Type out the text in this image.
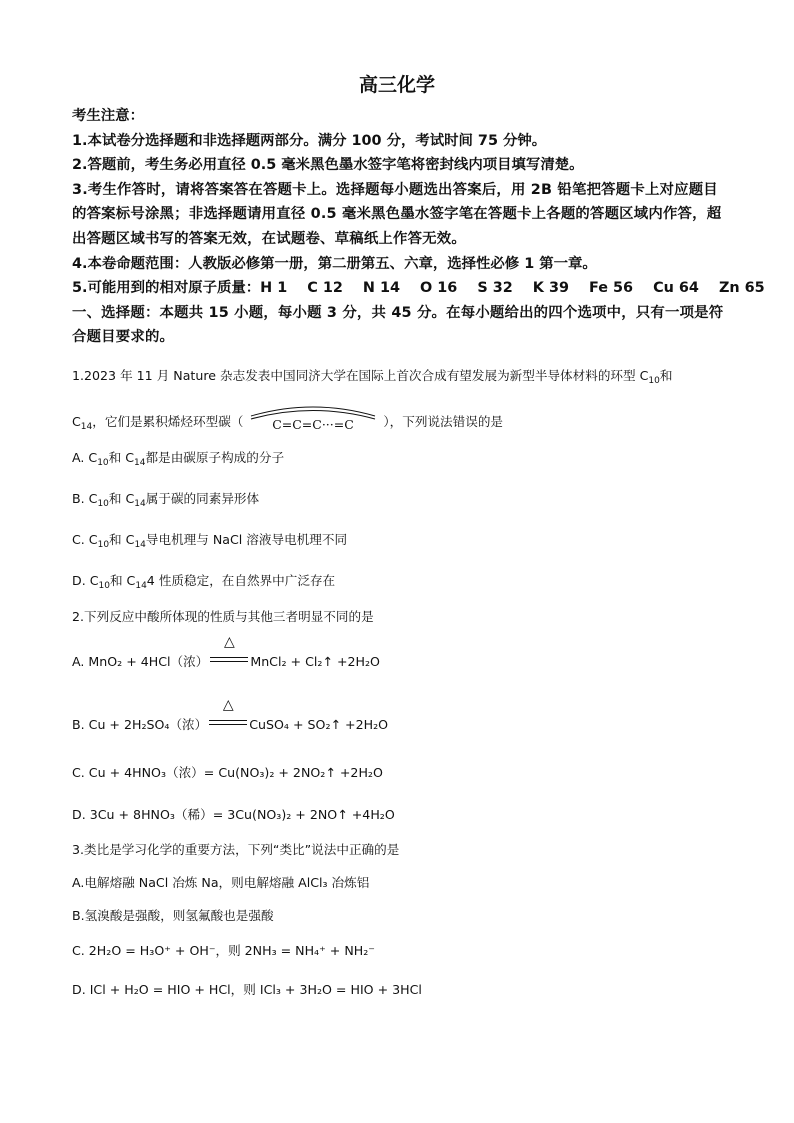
高三化学
考生注意：
1.本试卷分选择题和非选择题两部分。满分 100 分，考试时间 75 分钟。
2.答题前，考生务必用直径 0.5 毫米黑色墨水签字笔将密封线内项目填写清楚。
3.考生作答时，请将答案答在答题卡上。选择题每小题选出答案后，用 2B 铅笔把答题卡上对应题目的答案标号涂黑；非选择题请用直径 0.5 毫米黑色墨水签字笔在答题卡上各题的答题区域内作答，超出答题区域书写的答案无效，在试题卷、草稿纸上作答无效。
4.本卷命题范围：人教版必修第一册，第二册第五、六章，选择性必修 1 第一章。
5.可能用到的相对原子质量：H 1    C 12    N 14    O 16    S 32    K 39    Fe 56    Cu 64    Zn 65
一、选择题：本题共 15 小题，每小题 3 分，共 45 分。在每小题给出的四个选项中，只有一项是符合题目要求的。
1.2023 年 11 月 Nature 杂志发表中国同济大学在国际上首次合成有望发展为新型半导体材料的环型 $C_{10}$和
$C_{14}$，它们是累积烯烃环型碳（ C=C=C···=C ），下列说法错误的是
A. $C_{10}$和 $C_{14}$都是由碳原子构成的分子
B. $C_{10}$和 $C_{14}$属于碳的同素异形体
C. $C_{10}$和 $C_{14}$导电机理与 NaCl 溶液导电机理不同
D. $C_{10}$和 $C_{14}4$ 性质稳定，在自然界中广泛存在
2.下列反应中酸所体现的性质与其他三者明显不同的是
A. MnO₂ + 4HCl（浓）
△
MnCl₂ + Cl₂↑ +2H₂O
B. Cu + 2H₂SO₄（浓）
△
CuSO₄ + SO₂↑ +2H₂O
C. Cu + 4HNO₃（浓）= Cu(NO₃)₂ + 2NO₂↑ +2H₂O
D. 3Cu + 8HNO₃（稀）= 3Cu(NO₃)₂ + 2NO↑ +4H₂O
3.类比是学习化学的重要方法，下列“类比”说法中正确的是
A.电解熔融 NaCl 冶炼 Na，则电解熔融 AlCl₃ 冶炼铝
B.氢溴酸是强酸，则氢氟酸也是强酸
C. 2H₂O = H₃O⁺ + OH⁻，则 2NH₃ = NH₄⁺ + NH₂⁻
D. ICl + H₂O = HIO + HCl，则 ICl₃ + 3H₂O = HIO + 3HCl
